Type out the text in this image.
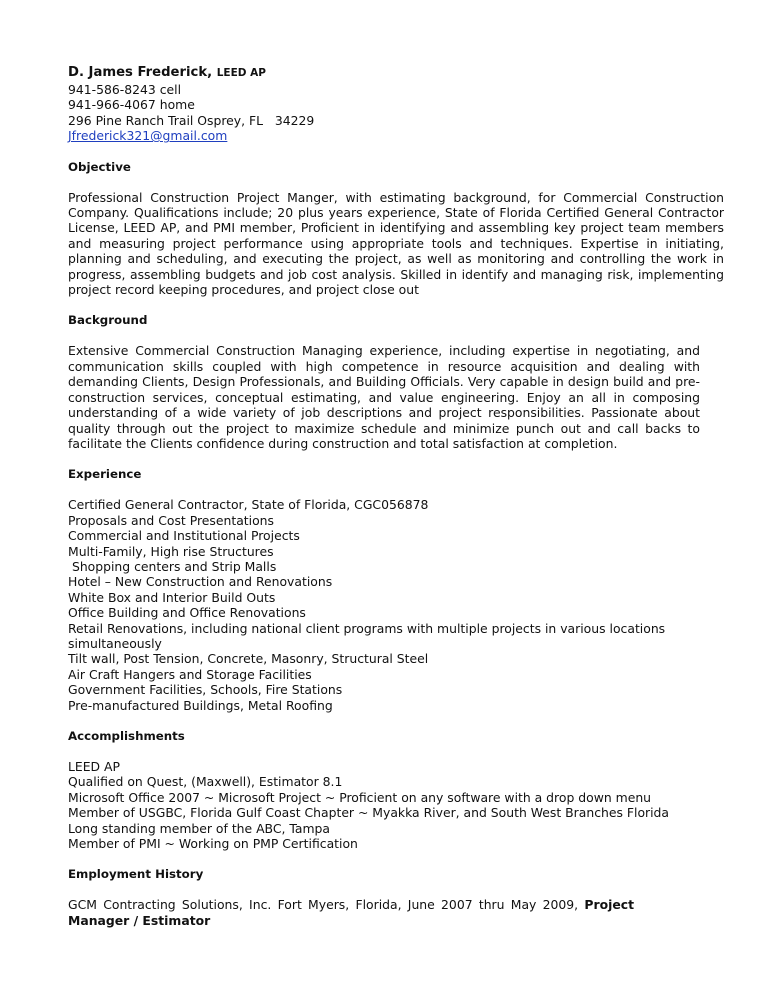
D. James Frederick, LEED AP
941-586-8243 cell
941-966-4067 home
296 Pine Ranch Trail Osprey, FL   34229
Jfrederick321@gmail.com
Objective

Professional Construction Project Manger, with estimating background, for Commercial Construction Company. Qualifications include; 20 plus years experience, State of Florida Certified General Contractor License, LEED AP, and PMI member, Proficient in identifying and assembling key project team members and measuring project performance using appropriate tools and techniques. Expertise in initiating, planning and scheduling, and executing the project, as well as monitoring and controlling the work in progress, assembling budgets and job cost analysis. Skilled in identify and managing risk, implementing project record keeping procedures, and project close out

Background

Extensive Commercial Construction Managing experience, including expertise in negotiating, and communication skills coupled with high competence in resource acquisition and dealing with demanding Clients, Design Professionals, and Building Officials. Very capable in design build and pre-construction services, conceptual estimating, and value engineering. Enjoy an all in composing understanding of a wide variety of job descriptions and project responsibilities. Passionate about quality through out the project to maximize schedule and minimize punch out and call backs to facilitate the Clients confidence during construction and total satisfaction at completion.

Experience
Certified General Contractor, State of Florida, CGC056878
Proposals and Cost Presentations
Commercial and Institutional Projects
Multi-Family, High rise Structures
Shopping centers and Strip Malls
Hotel – New Construction and Renovations
White Box and Interior Build Outs
Office Building and Office Renovations
Retail Renovations, including national client programs with multiple projects in various locations simultaneously
Tilt wall, Post Tension, Concrete, Masonry, Structural Steel
Air Craft Hangers and Storage Facilities
Government Facilities, Schools, Fire Stations
Pre-manufactured Buildings, Metal Roofing
Accomplishments
LEED AP
Qualified on Quest, (Maxwell), Estimator 8.1
Microsoft Office 2007 ~ Microsoft Project ~ Proficient on any software with a drop down menu
Member of USGBC, Florida Gulf Coast Chapter ~ Myakka River, and South West Branches Florida
Long standing member of the ABC, Tampa
Member of PMI ~ Working on PMP Certification
Employment History

GCM Contracting Solutions, Inc. Fort Myers, Florida, June 2007 thru May 2009, Project Manager / Estimator
